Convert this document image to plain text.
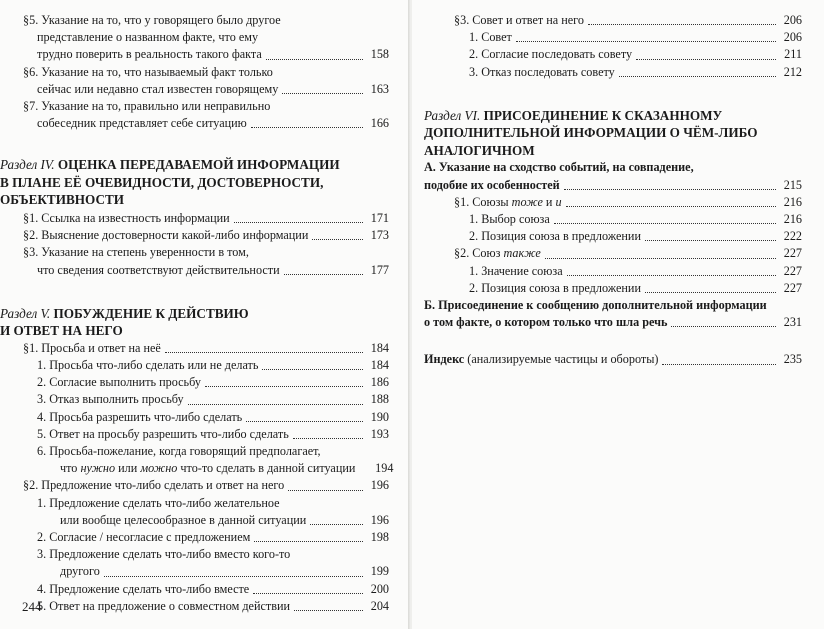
§5. Указание на то, что у говорящего было другое
представление о названном факте, что ему
трудно поверить в реальность такого факта	158
§6. Указание на то, что называемый факт только
сейчас или недавно стал известен говорящему	163
§7. Указание на то, правильно или неправильно
собеседник представляет себе ситуацию	166
Раздел IV. ОЦЕНКА ПЕРЕДАВАЕМОЙ ИНФОРМАЦИИ
В ПЛАНЕ ЕЁ ОЧЕВИДНОСТИ, ДОСТОВЕРНОСТИ,
ОБЪЕКТИВНОСТИ
§1. Ссылка на известность информации	171
§2. Выяснение достоверности какой-либо информации	173
§3. Указание на степень уверенности в том,
что сведения соответствуют действительности	177
Раздел V. ПОБУЖДЕНИЕ К ДЕЙСТВИЮ
И ОТВЕТ НА НЕГО
§1. Просьба и ответ на неё	184
1. Просьба что-либо сделать или не делать	184
2. Согласие выполнить просьбу	186
3. Отказ выполнить просьбу	188
4. Просьба разрешить что-либо сделать	190
5. Ответ на просьбу разрешить что-либо сделать	193
6. Просьба-пожелание, когда говорящий предполагает,
что нужно или можно что-то сделать в данной ситуации	194
§2. Предложение что-либо сделать и ответ на него	196
1. Предложение сделать что-либо желательное
или вообще целесообразное в данной ситуации	196
2. Согласие / несогласие с предложением	198
3. Предложение сделать что-либо вместо кого-то
другого	199
4. Предложение сделать что-либо вместе	200
5. Ответ на предложение о совместном действии	204
244
§3. Совет и ответ на него	206
1. Совет	206
2. Согласие последовать совету	211
3. Отказ последовать совету	212
Раздел VI. ПРИСОЕДИНЕНИЕ К СКАЗАННОМУ
ДОПОЛНИТЕЛЬНОЙ ИНФОРМАЦИИ О ЧЁМ-ЛИБО
АНАЛОГИЧНОМ
А. Указание на сходство событий, на совпадение,
подобие их особенностей	215
§1. Союзы тоже и и	216
1. Выбор союза	216
2. Позиция союза в предложении	222
§2. Союз также	227
1. Значение союза	227
2. Позиция союза в предложении	227
Б. Присоединение к сообщению дополнительной информации
о том факте, о котором только что шла речь	231
Индекс (анализируемые частицы и обороты)	235
